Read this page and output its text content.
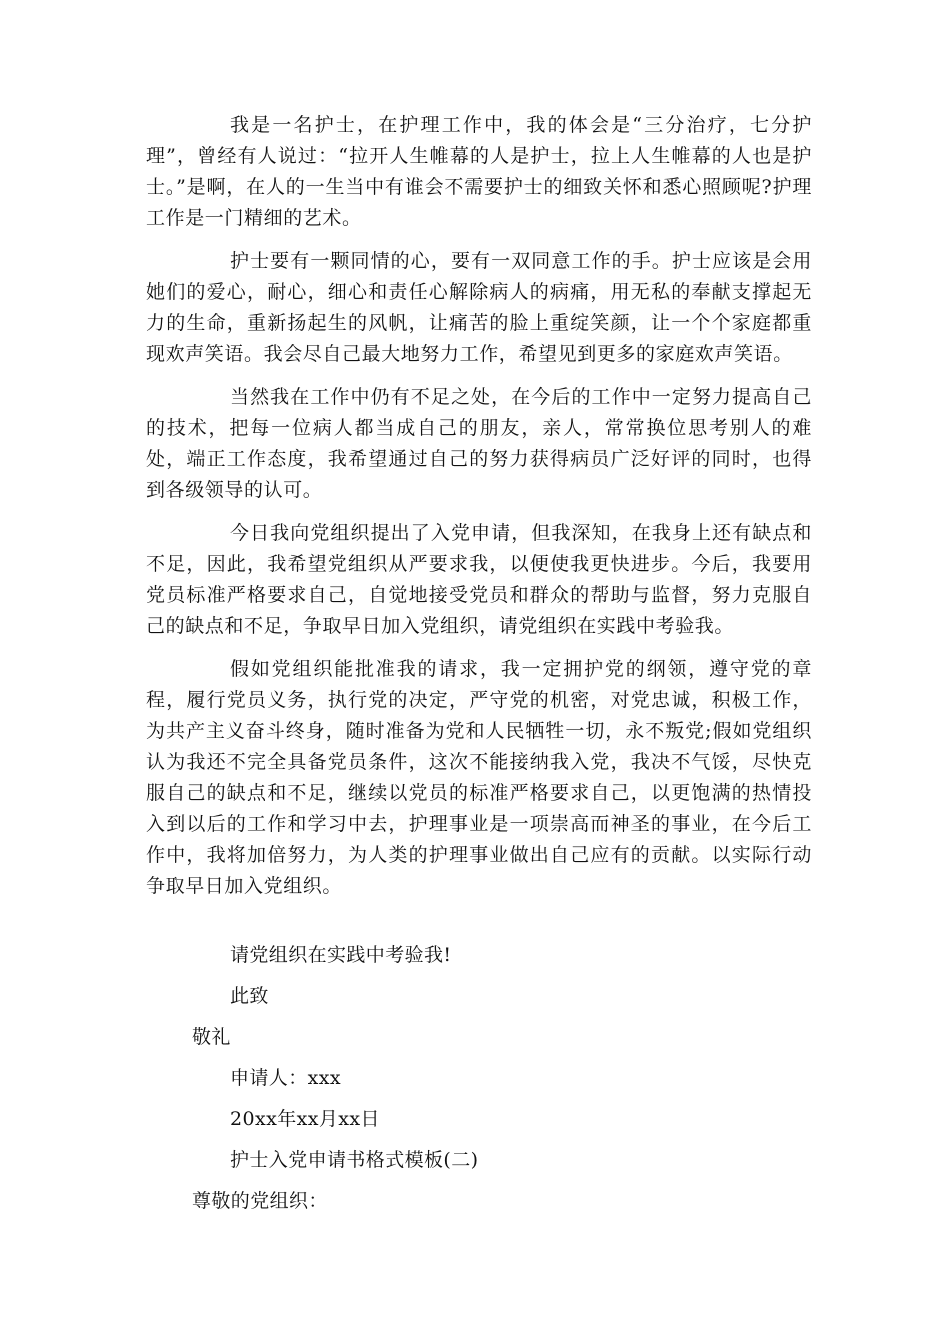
我是一名护士，在护理工作中，我的体会是“三分治疗，七分护理”，曾经有人说过：“拉开人生帷幕的人是护士，拉上人生帷幕的人也是护士。”是啊，在人的一生当中有谁会不需要护士的细致关怀和悉心照顾呢?护理工作是一门精细的艺术。

护士要有一颗同情的心，要有一双同意工作的手。护士应该是会用她们的爱心，耐心，细心和责任心解除病人的病痛，用无私的奉献支撑起无力的生命，重新扬起生的风帆，让痛苦的脸上重绽笑颜，让一个个家庭都重现欢声笑语。我会尽自己最大地努力工作，希望见到更多的家庭欢声笑语。

当然我在工作中仍有不足之处，在今后的工作中一定努力提高自己的技术，把每一位病人都当成自己的朋友，亲人，常常换位思考别人的难处，端正工作态度，我希望通过自己的努力获得病员广泛好评的同时，也得到各级领导的认可。

今日我向党组织提出了入党申请，但我深知，在我身上还有缺点和不足，因此，我希望党组织从严要求我，以便使我更快进步。今后，我要用党员标准严格要求自己，自觉地接受党员和群众的帮助与监督，努力克服自己的缺点和不足，争取早日加入党组织，请党组织在实践中考验我。

假如党组织能批准我的请求，我一定拥护党的纲领，遵守党的章程，履行党员义务，执行党的决定，严守党的机密，对党忠诚，积极工作，为共产主义奋斗终身，随时准备为党和人民牺牲一切，永不叛党;假如党组织认为我还不完全具备党员条件，这次不能接纳我入党，我决不气馁，尽快克服自己的缺点和不足，继续以党员的标准严格要求自己，以更饱满的热情投入到以后的工作和学习中去，护理事业是一项崇高而神圣的事业，在今后工作中，我将加倍努力，为人类的护理事业做出自己应有的贡献。以实际行动争取早日加入党组织。

请党组织在实践中考验我!
此致
敬礼
申请人：xxx
20xx年xx月xx日
护士入党申请书格式模板(二)
尊敬的党组织：
